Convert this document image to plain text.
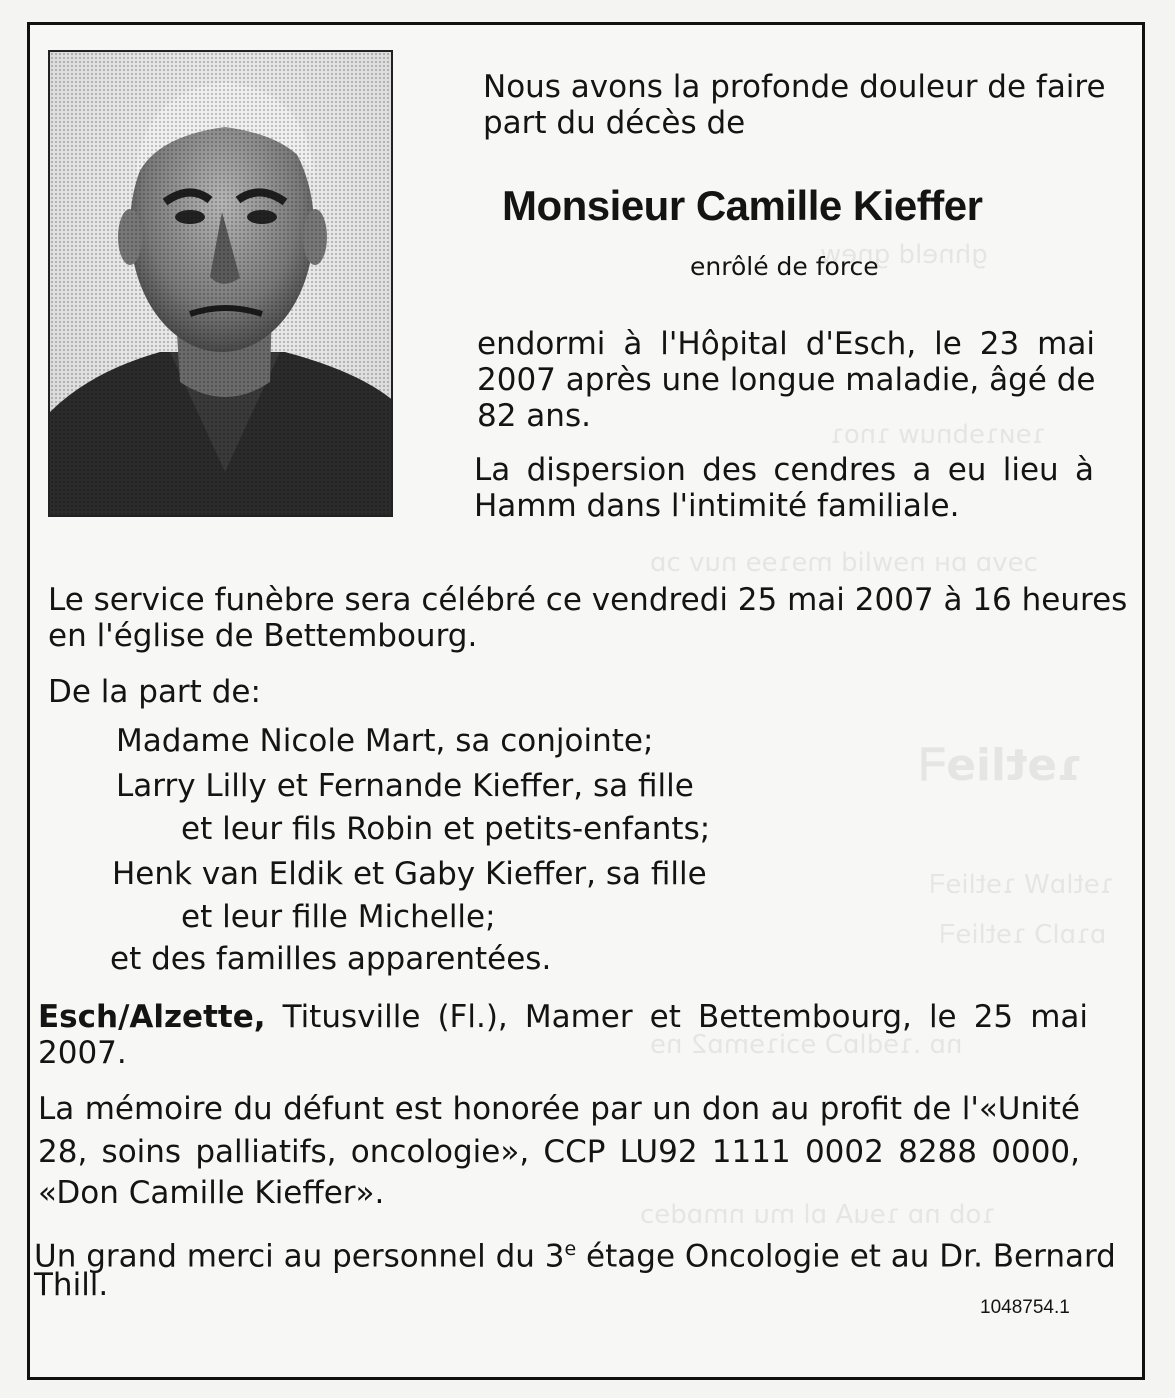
Nous avons la profonde douleur de faire
part du décès de
Monsieur Camille Kieffer
enrôlé de force
endormi à l'Hôpital d'Esch, le 23 mai
2007 après une longue maladie, âgé de
82 ans.
La dispersion des cendres a eu lieu à
Hamm dans l'intimité familiale.
Le service funèbre sera célébré ce vendredi 25 mai 2007 à 16 heures
en l'église de Bettembourg.
De la part de:
Madame Nicole Mart, sa conjointe;
Larry Lilly et Fernande Kieffer, sa fille
et leur fils Robin et petits-enfants;
Henk van Eldik et Gaby Kieffer, sa fille
et leur fille Michelle;
et des familles apparentées.
Esch/Alzette, Titusville (Fl.), Mamer et Bettembourg, le 25 mai
2007.
La mémoire du défunt est honorée par un don au profit de l'«Unité
28, soins palliatifs, oncologie», CCP LU92 1111 0002 8288 0000,
«Don Camille Kieffer».
Un grand merci au personnel du 3e étage Oncologie et au Dr. Bernard
Thill.
1048754.1
